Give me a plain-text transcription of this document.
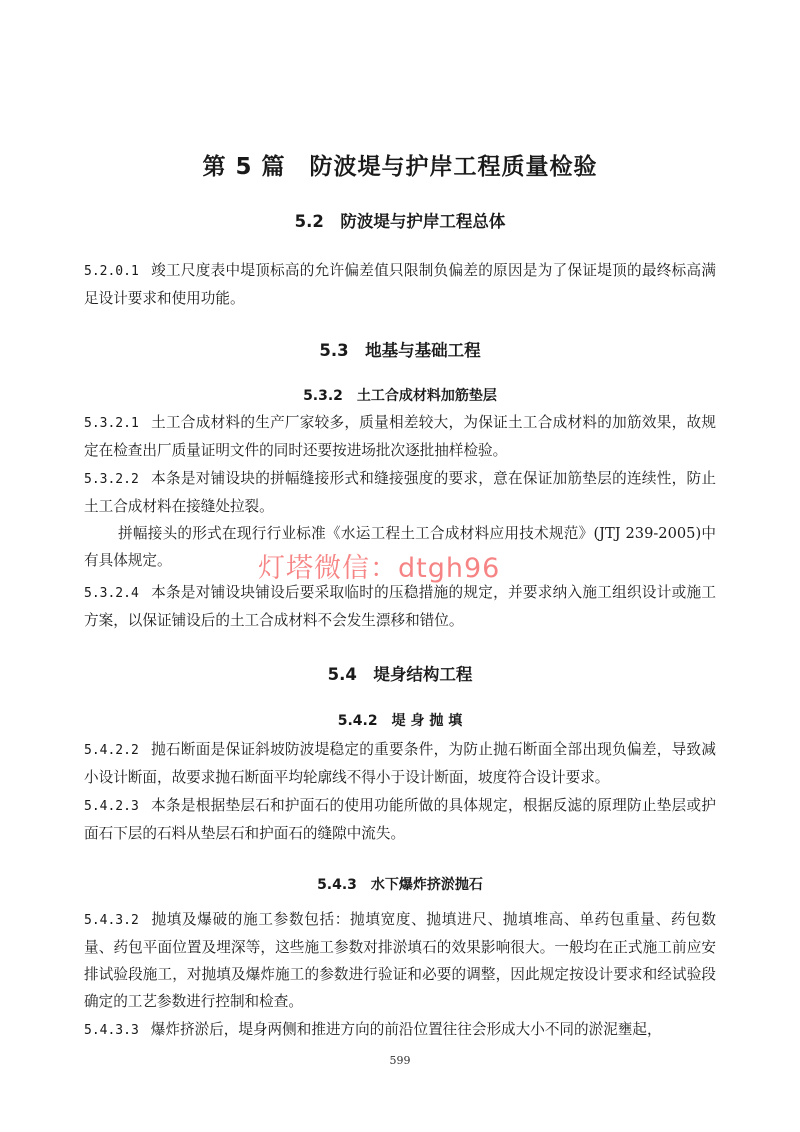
第 5 篇　防波堤与护岸工程质量检验
5.2　防波堤与护岸工程总体
5.2.0.1 竣工尺度表中堤顶标高的允许偏差值只限制负偏差的原因是为了保证堤顶的最终标高满足设计要求和使用功能。
5.3　地基与基础工程
5.3.2　土工合成材料加筋垫层
5.3.2.1 土工合成材料的生产厂家较多，质量相差较大，为保证土工合成材料的加筋效果，故规定在检查出厂质量证明文件的同时还要按进场批次逐批抽样检验。
5.3.2.2 本条是对铺设块的拼幅缝接形式和缝接强度的要求，意在保证加筋垫层的连续性，防止土工合成材料在接缝处拉裂。
拼幅接头的形式在现行行业标准《水运工程土工合成材料应用技术规范》(JTJ 239-2005)中有具体规定。
5.3.2.4 本条是对铺设块铺设后要采取临时的压稳措施的规定，并要求纳入施工组织设计或施工方案，以保证铺设后的土工合成材料不会发生漂移和错位。
5.4　堤身结构工程
5.4.2　堤 身 抛 填
5.4.2.2 抛石断面是保证斜坡防波堤稳定的重要条件，为防止抛石断面全部出现负偏差，导致减小设计断面，故要求抛石断面平均轮廓线不得小于设计断面，坡度符合设计要求。
5.4.2.3 本条是根据垫层石和护面石的使用功能所做的具体规定，根据反滤的原理防止垫层或护面石下层的石料从垫层石和护面石的缝隙中流失。
5.4.3　水下爆炸挤淤抛石
5.4.3.2 抛填及爆破的施工参数包括：抛填宽度、抛填进尺、抛填堆高、单药包重量、药包数量、药包平面位置及埋深等，这些施工参数对排淤填石的效果影响很大。一般均在正式施工前应安排试验段施工，对抛填及爆炸施工的参数进行验证和必要的调整，因此规定按设计要求和经试验段确定的工艺参数进行控制和检查。
5.4.3.3 爆炸挤淤后，堤身两侧和推进方向的前沿位置往往会形成大小不同的淤泥壅起，
灯塔微信：dtgh96
599
